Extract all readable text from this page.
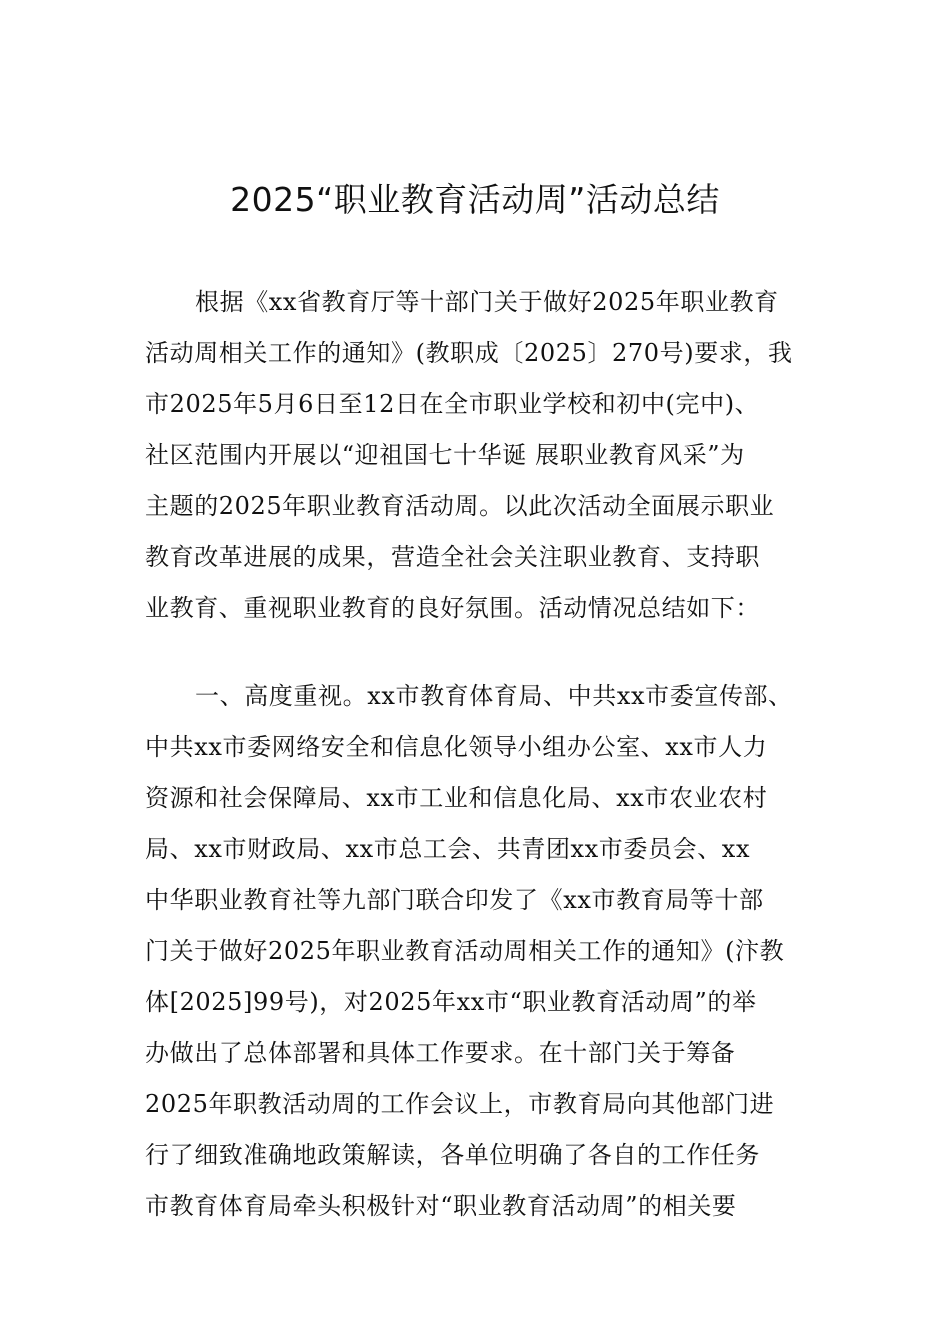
2025“职业教育活动周”活动总结
根据《xx省教育厅等十部门关于做好2025年职业教育
活动周相关工作的通知》(教职成〔2025〕270号)要求，我
市2025年5月6日至12日在全市职业学校和初中(完中)、
社区范围内开展以“迎祖国七十华诞 展职业教育风采”为
主题的2025年职业教育活动周。以此次活动全面展示职业
教育改革进展的成果，营造全社会关注职业教育、支持职
业教育、重视职业教育的良好氛围。活动情况总结如下：
一、高度重视。xx市教育体育局、中共xx市委宣传部、
中共xx市委网络安全和信息化领导小组办公室、xx市人力
资源和社会保障局、xx市工业和信息化局、xx市农业农村
局、xx市财政局、xx市总工会、共青团xx市委员会、xx
中华职业教育社等九部门联合印发了《xx市教育局等十部
门关于做好2025年职业教育活动周相关工作的通知》(汴教
体[2025]99号)，对2025年xx市“职业教育活动周”的举
办做出了总体部署和具体工作要求。在十部门关于筹备
2025年职教活动周的工作会议上，市教育局向其他部门进
行了细致准确地政策解读，各单位明确了各自的工作任务
市教育体育局牵头积极针对“职业教育活动周”的相关要
